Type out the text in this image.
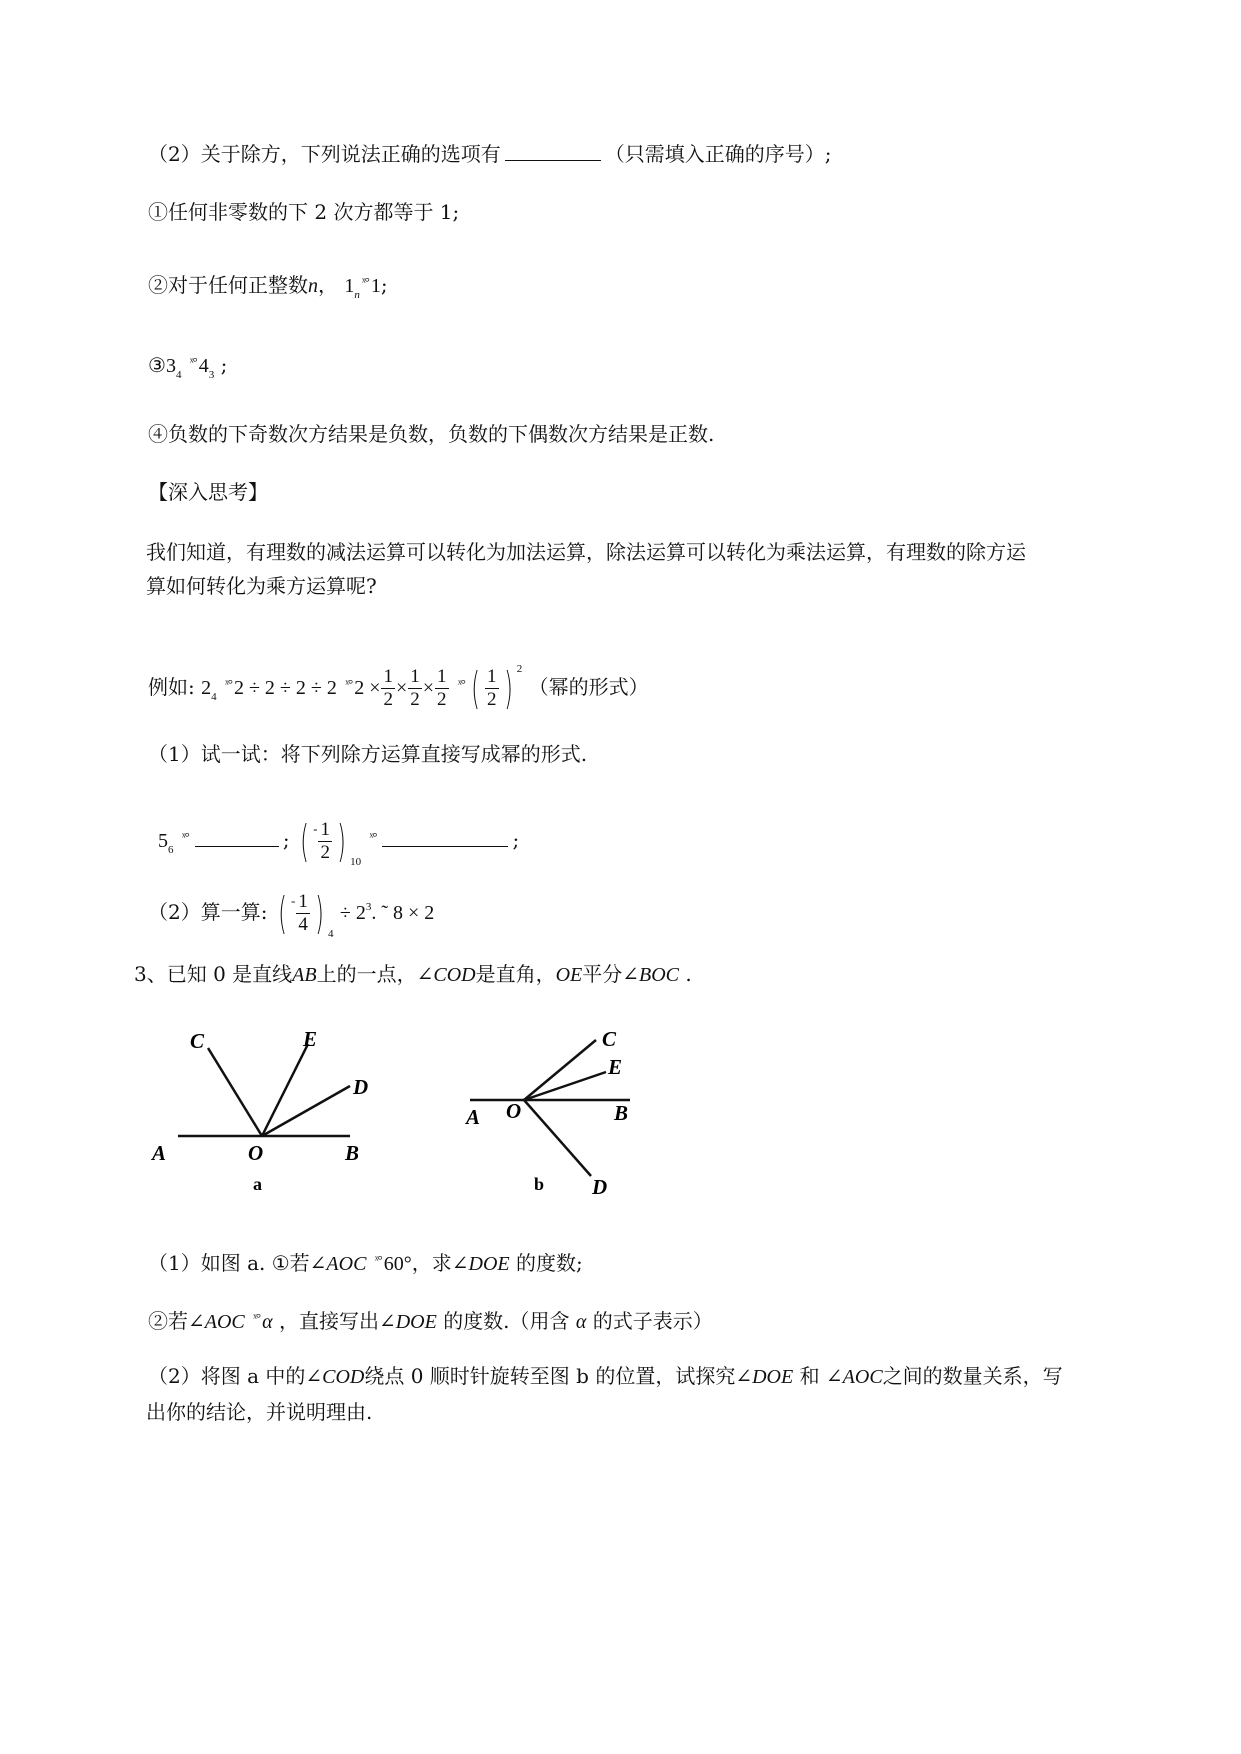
（2）关于除方，下列说法正确的选项有	（只需填入正确的序号）;
①任何非零数的下 2 次方都等于 1;
②对于任何正整数n， $1_n^{ˣ^\circ}$ 1;
$③3_4$ $^{ˣ^\circ}$ $4_3$ ;
④负数的下奇数次方结果是负数，负数的下偶数次方结果是正数.
【深入思考】
我们知道，有理数的减法运算可以转化为加法运算，除法运算可以转化为乘法运算，有理数的除方运
算如何转化为乘方运算呢?
例如: $2_4$ $^{ˣ^\circ}$ 2 ÷ 2 ÷ 2 ÷ 2 $^{ˣ^\circ}$ $2 \times \frac{1}{2} \times \frac{1}{2} \times \frac{1}{2} ^{ˣ^\circ}$ ( $\frac{1}{2}$ ) $^2$ （幂的形式）
（1）试一试：将下列除方运算直接写成幂的形式.
$5_6$ $^{ˣ^\circ}$	; ( $^- \frac{1}{2}$ ) $_{10}$ $^{ˣ^\circ}$	;
（2）算一算: ( $^- \frac{1}{4}$ ) $_4 \div 2^3$. ˜ 8 × 2
3、已知 0 是直线AB上的一点，∠COD是直角，OE平分∠BOC .
A	O	B
C	E
D
a
A O	B
C
E
D
b
（1）如图 a. ①若∠AOC $^{ˣ^\circ}$ 60°，求∠DOE 的度数;
②若∠AOC $^{ˣ^\circ}$ α ，直接写出∠DOE 的度数.（用含 α 的式子表示）
（2）将图 a 中的∠COD绕点 0 顺时针旋转至图 b 的位置，试探究∠DOE 和 ∠AOC之间的数量关系，写
出你的结论，并说明理由.
